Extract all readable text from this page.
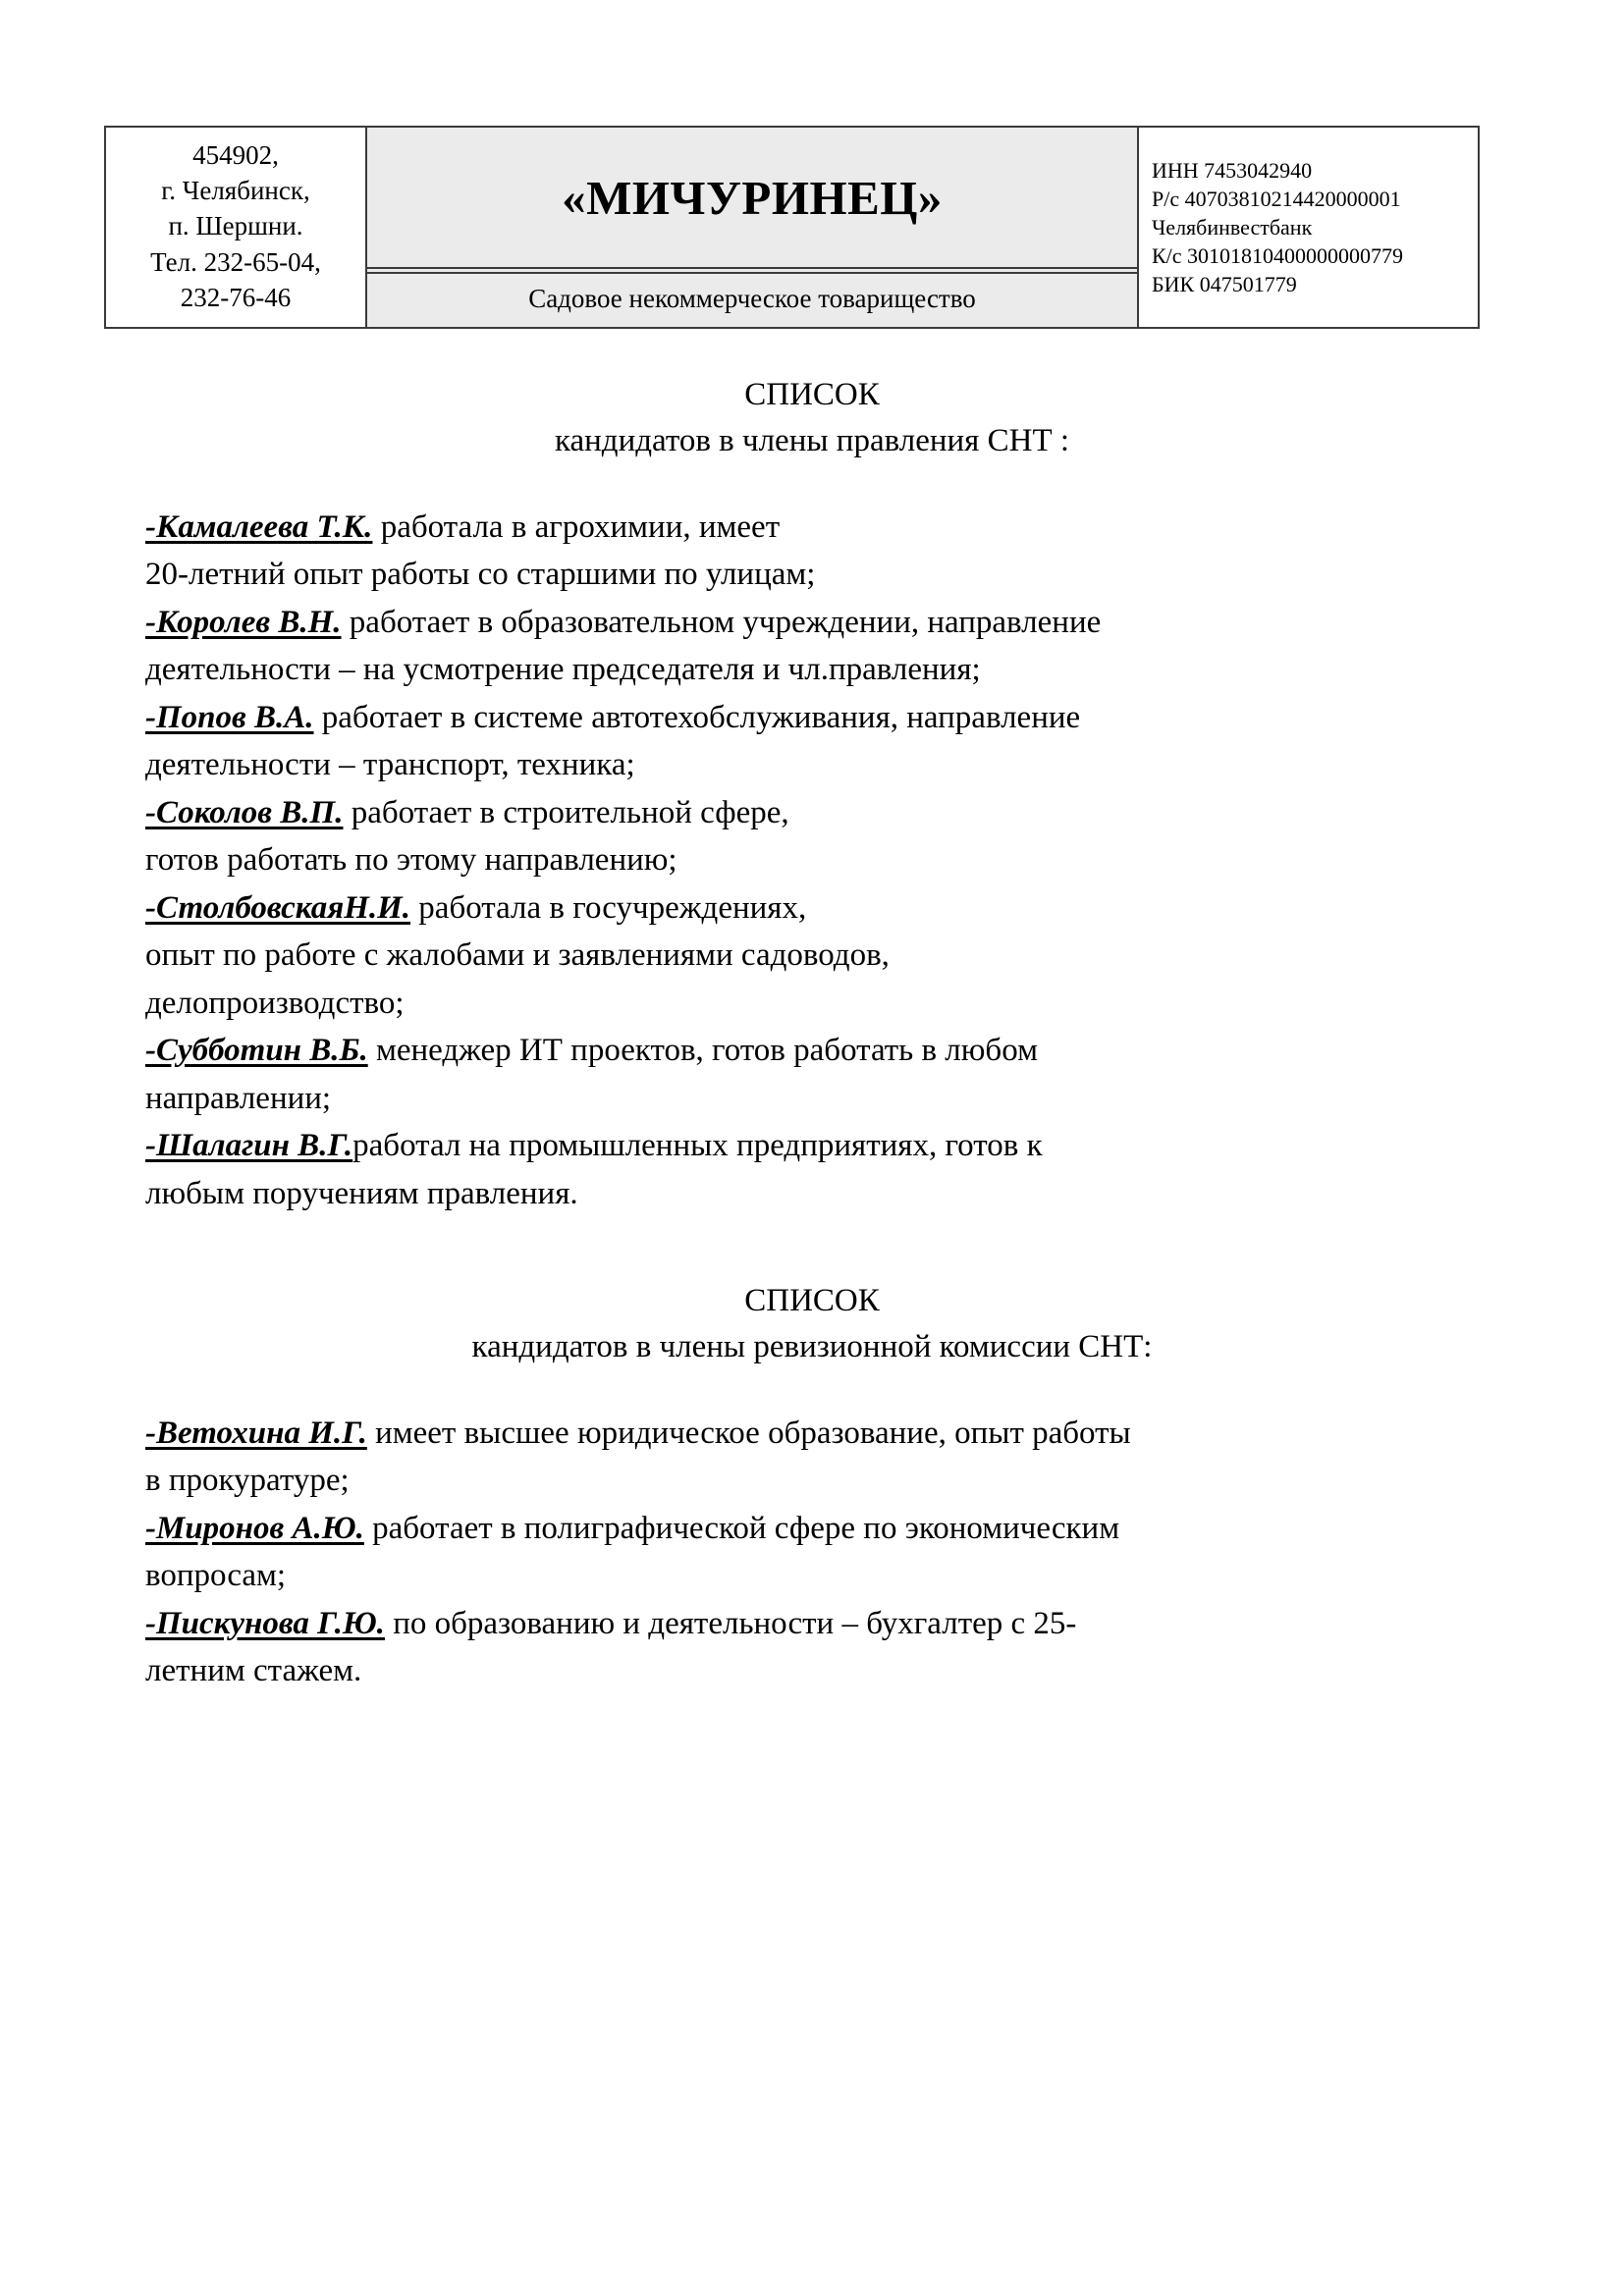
454902,
г. Челябинск,
п. Шершни.
Тел. 232-65-04,
232-76-46

«МИЧУРИНЕЦ»

ИНН 7453042940
Р/с 40703810214420000001
Челябинвестбанк
К/с 30101810400000000779
БИК 047501779

Садовое некоммерческое товарищество
СПИСОК
кандидатов в члены правления СНТ :
-Камалеева Т.К. работала в агрохимии, имеет
20-летний опыт работы со старшими по улицам;
-Королев В.Н. работает в образовательном учреждении, направление
деятельности – на усмотрение председателя и чл.правления;
-Попов В.А. работает в системе автотехобслуживания, направление
деятельности – транспорт, техника;
-Соколов В.П. работает в строительной сфере,
готов работать по этому направлению;
-СтолбовскаяН.И. работала в госучреждениях,
опыт по работе с жалобами и заявлениями садоводов,
делопроизводство;
-Субботин В.Б. менеджер ИТ проектов, готов работать в любом
направлении;
-Шалагин В.Г.работал на промышленных предприятиях, готов к
любым поручениям правления.
СПИСОК
кандидатов в члены ревизионной комиссии СНТ:
-Ветохина И.Г. имеет высшее юридическое образование, опыт работы
в прокуратуре;
-Миронов А.Ю. работает в полиграфической сфере по экономическим
вопросам;
-Пискунова Г.Ю. по образованию и деятельности – бухгалтер с 25-
летним стажем.
